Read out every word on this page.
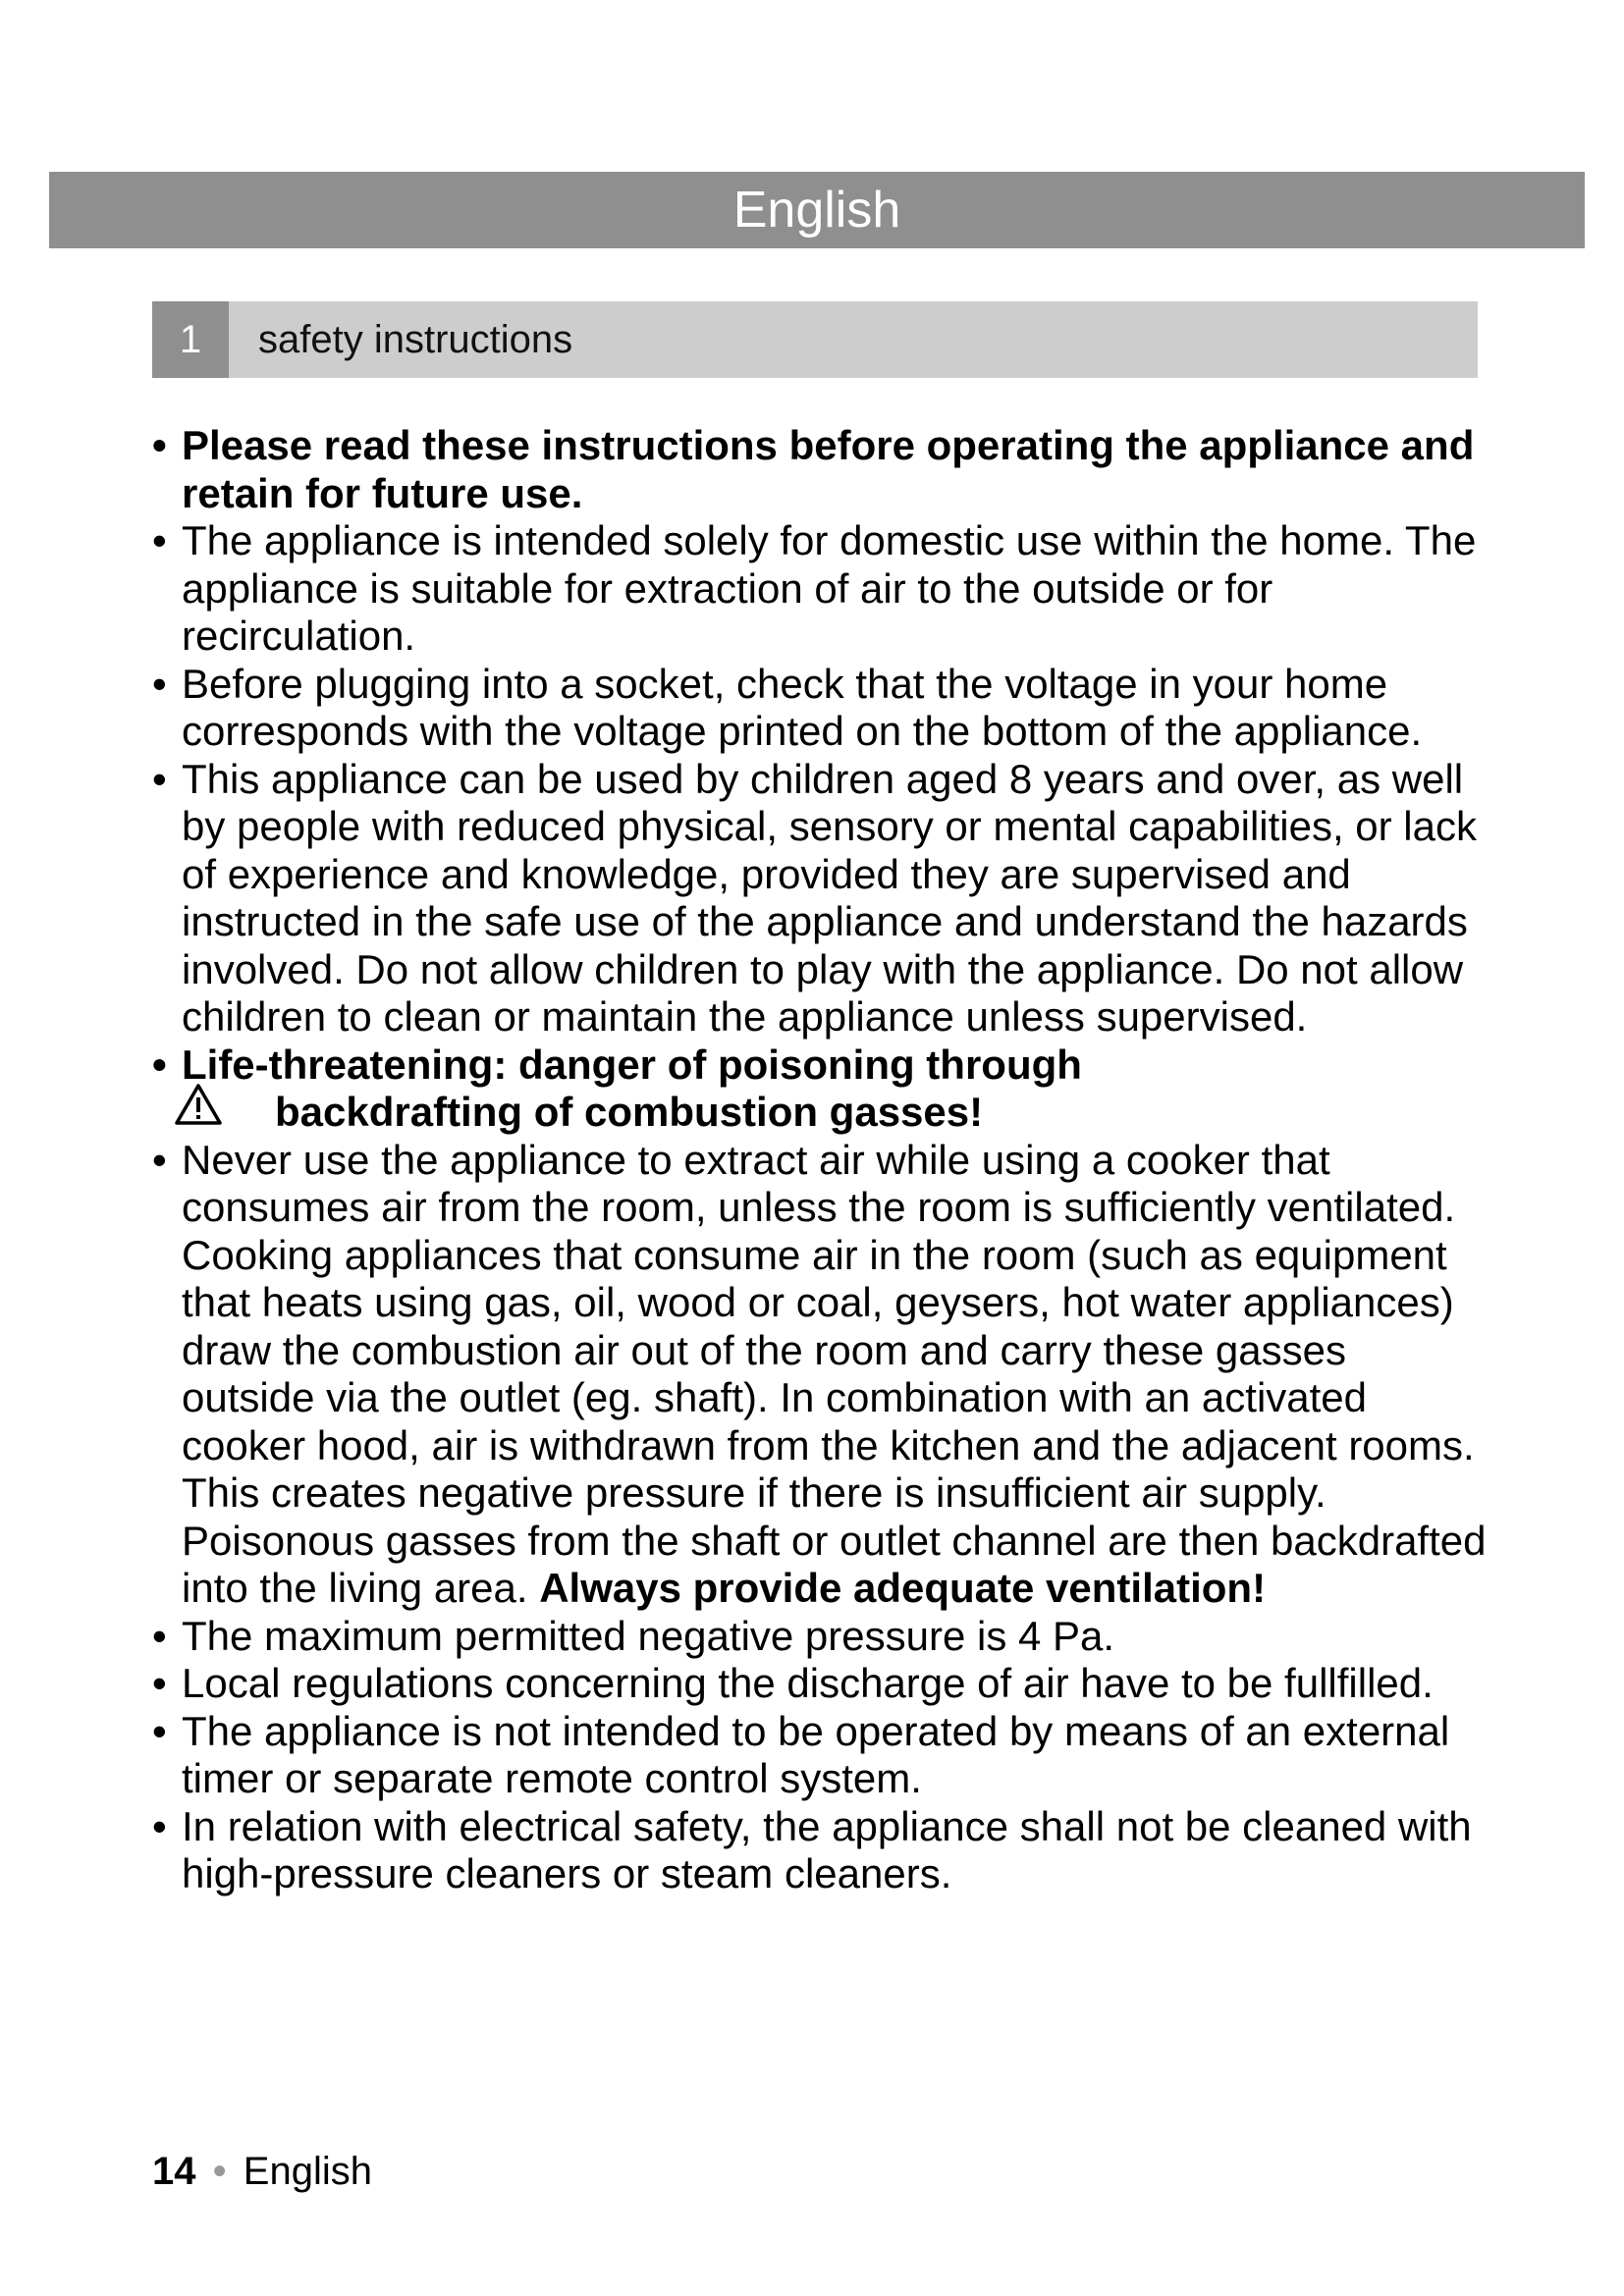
English
1	safety instructions
• Please read these instructions before operating the appliance and retain for future use.
• The appliance is intended solely for domestic use within the home. The appliance is suitable for extraction of air to the outside or for recirculation.
• Before plugging into a socket, check that the voltage in your home corresponds with the voltage printed on the bottom of the appliance.
• This appliance can be used by children aged 8 years and over, as well by people with reduced physical, sensory or mental capabilities, or lack of experience and knowledge, provided they are supervised and instructed in the safe use of the appliance and understand the hazards involved. Do not allow children to play with the appliance. Do not allow children to clean or maintain the appliance unless supervised.
• Life-threatening: danger of poisoning through
backdrafting of combustion gasses!
• Never use the appliance to extract air while using a cooker that consumes air from the room, unless the room is sufficiently ventilated. Cooking appliances that consume air in the room (such as equipment that heats using gas, oil, wood or coal, geysers, hot water appliances) draw the combustion air out of the room and carry these gasses outside via the outlet (eg. shaft). In combination with an activated cooker hood, air is withdrawn from the kitchen and the adjacent rooms. This creates negative pressure if there is insufficient air supply. Poisonous gasses from the shaft or outlet channel are then backdrafted into the living area. Always provide adequate ventilation!
• The maximum permitted negative pressure is 4 Pa.
• Local regulations concerning the discharge of air have to be fullfilled.
• The appliance is not intended to be operated by means of an external timer or separate remote control system.
• In relation with electrical safety, the appliance shall not be cleaned with high-pressure cleaners or steam cleaners.
14 • English
